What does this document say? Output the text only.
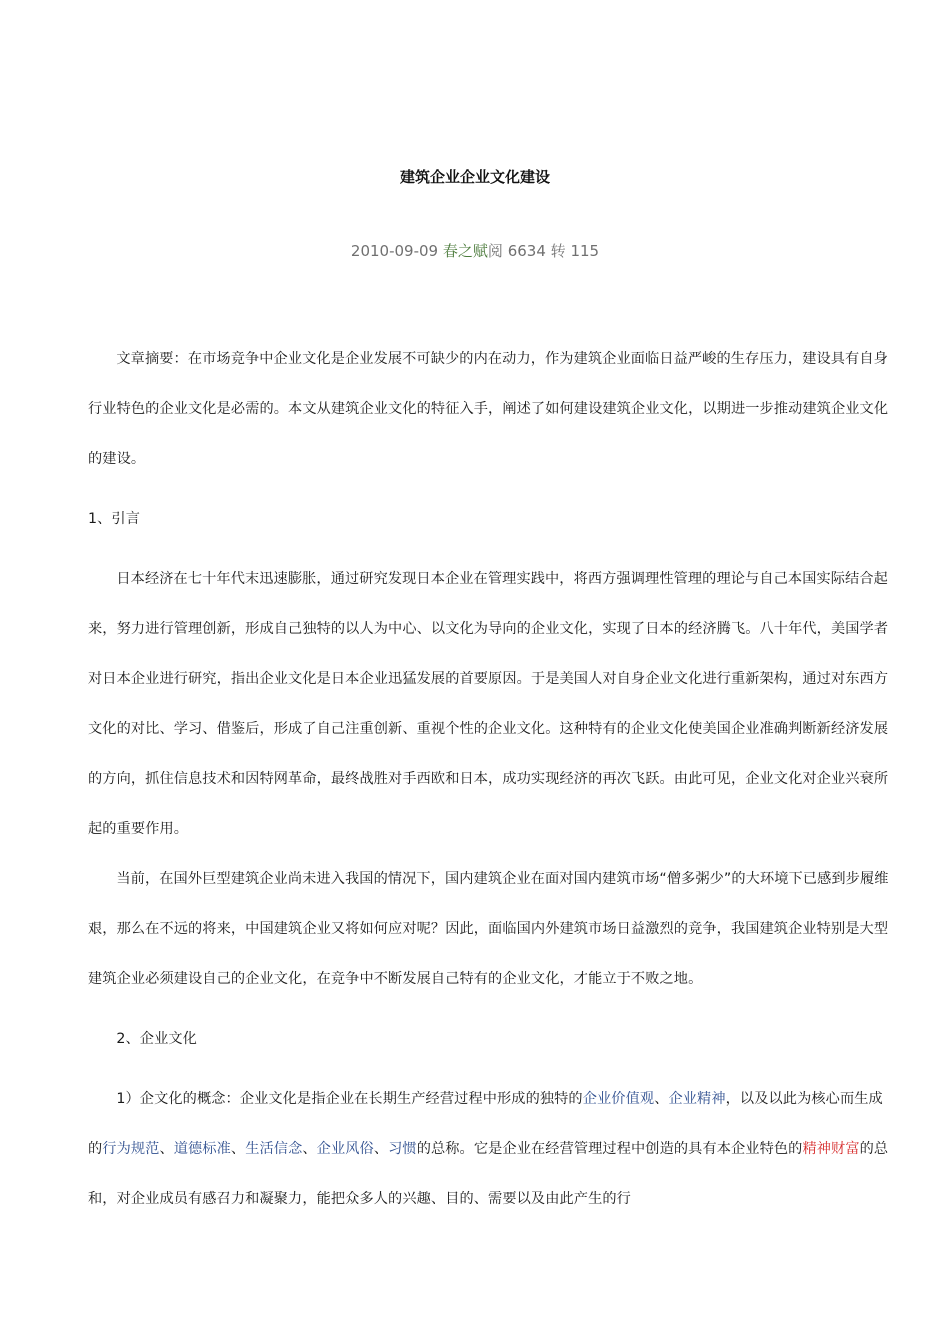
建筑企业企业文化建设
2010-09-09 春之赋阅 6634 转 115

文章摘要：在市场竞争中企业文化是企业发展不可缺少的内在动力，作为建筑企业面临日益严峻的生存压力，建设具有自身行业特色的企业文化是必需的。本文从建筑企业文化的特征入手，阐述了如何建设建筑企业文化，以期进一步推动建筑企业文化的建设。

1、引言

日本经济在七十年代末迅速膨胀，通过研究发现日本企业在管理实践中，将西方强调理性管理的理论与自己本国实际结合起来，努力进行管理创新，形成自己独特的以人为中心、以文化为导向的企业文化，实现了日本的经济腾飞。八十年代，美国学者对日本企业进行研究，指出企业文化是日本企业迅猛发展的首要原因。于是美国人对自身企业文化进行重新架构，通过对东西方文化的对比、学习、借鉴后，形成了自己注重创新、重视个性的企业文化。这种特有的企业文化使美国企业准确判断新经济发展的方向，抓住信息技术和因特网革命，最终战胜对手西欧和日本，成功实现经济的再次飞跃。由此可见，企业文化对企业兴衰所起的重要作用。

当前，在国外巨型建筑企业尚未进入我国的情况下，国内建筑企业在面对国内建筑市场“僧多粥少”的大环境下已感到步履维艰，那么在不远的将来，中国建筑企业又将如何应对呢？因此，面临国内外建筑市场日益激烈的竞争，我国建筑企业特别是大型建筑企业必须建设自己的企业文化，在竞争中不断发展自己特有的企业文化，才能立于不败之地。

2、企业文化

1）企文化的概念：企业文化是指企业在长期生产经营过程中形成的独特的企业价值观、企业精神，以及以此为核心而生成的行为规范、道德标准、生活信念、企业风俗、习惯的总称。它是企业在经营管理过程中创造的具有本企业特色的精神财富的总和，对企业成员有感召力和凝聚力，能把众多人的兴趣、目的、需要以及由此产生的行
